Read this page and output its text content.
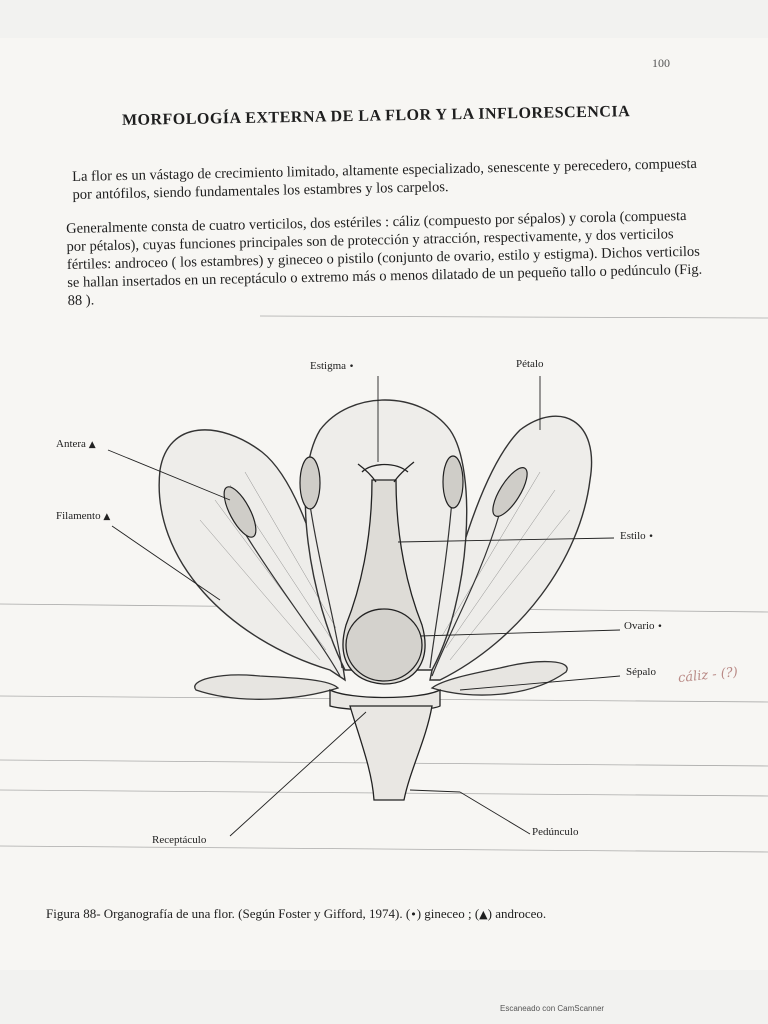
100
MORFOLOGÍA EXTERNA DE LA FLOR Y LA INFLORESCENCIA

La flor es un vástago de crecimiento limitado, altamente especializado, senescente y perecedero, compuesta por antófilos, siendo fundamentales los estambres y los carpelos.

Generalmente consta de cuatro verticilos, dos estériles : cáliz (compuesto por sépalos) y corola (compuesta por pétalos), cuyas funciones principales son de protección y atracción, respectivamente, y dos verticilos fértiles: androceo ( los estambres) y gineceo o pistilo (conjunto de ovario, estilo y estigma). Dichos verticilos se hallan insertados en un receptáculo o extremo más o menos dilatado de un pequeño tallo o pedúnculo (Fig. 88 ).

Estigma •	Pétalo
Antera ▲
Filamento ▲
Estilo •
Ovario •
Sépalo cáliz - (?)
Receptáculo
Pedúnculo
Figura 88- Organografía de una flor. (Según Foster y Gifford, 1974). (•) gineceo ; (▲) androceo.
Escaneado con CamScanner
